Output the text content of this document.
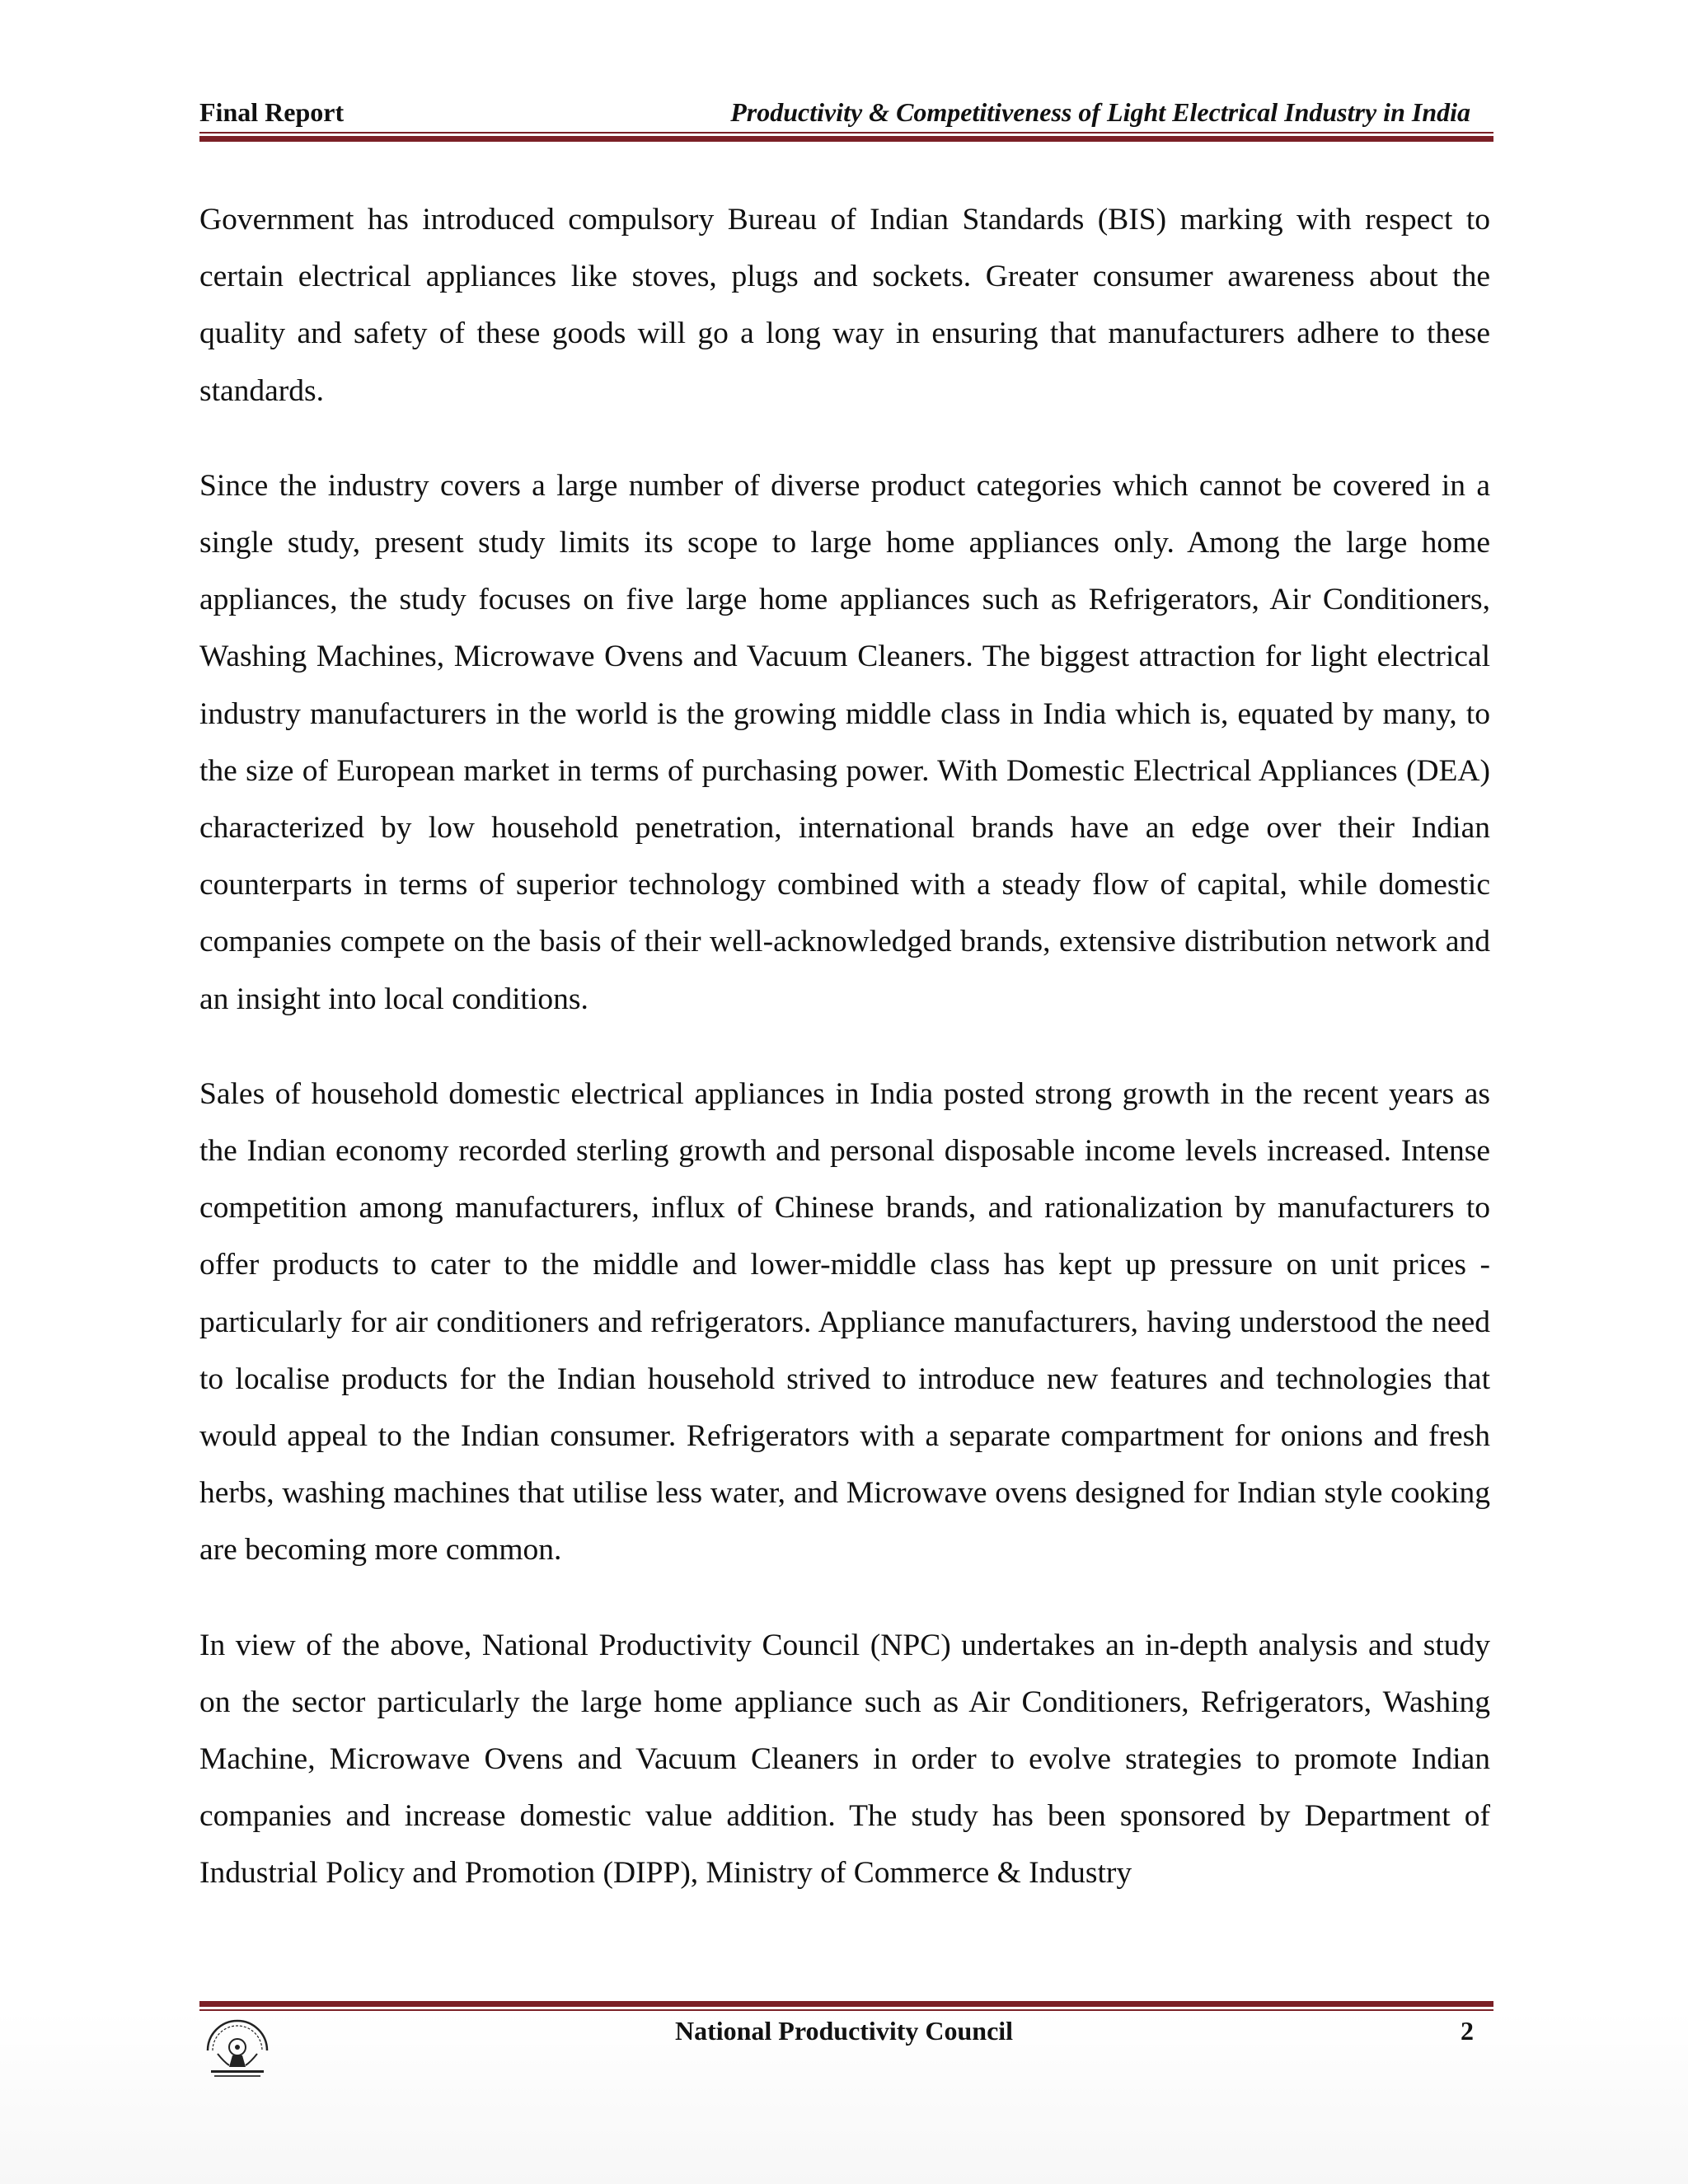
Final Report	Productivity & Competitiveness of Light Electrical Industry in India

Government has introduced compulsory Bureau of Indian Standards (BIS) marking with respect to certain electrical appliances like stoves, plugs and sockets. Greater consumer awareness about the quality and safety of these goods will go a long way in ensuring that manufacturers adhere to these standards.

Since the industry covers a large number of diverse product categories which cannot be covered in a single study, present study limits its scope to large home appliances only. Among the large home appliances, the study focuses on five large home appliances such as Refrigerators, Air Conditioners, Washing Machines, Microwave Ovens and Vacuum Cleaners. The biggest attraction for light electrical industry manufacturers in the world is the growing middle class in India which is, equated by many, to the size of European market in terms of purchasing power. With Domestic Electrical Appliances (DEA) characterized by low household penetration, international brands have an edge over their Indian counterparts in terms of superior technology combined with a steady flow of capital, while domestic companies compete on the basis of their well-acknowledged brands, extensive distribution network and an insight into local conditions.

Sales of household domestic electrical appliances in India posted strong growth in the recent years as the Indian economy recorded sterling growth and personal disposable income levels increased. Intense competition among manufacturers, influx of Chinese brands, and rationalization by manufacturers to offer products to cater to the middle and lower-middle class has kept up pressure on unit prices - particularly for air conditioners and refrigerators. Appliance manufacturers, having understood the need to localise products for the Indian household strived to introduce new features and technologies that would appeal to the Indian consumer. Refrigerators with a separate compartment for onions and fresh herbs, washing machines that utilise less water, and Microwave ovens designed for Indian style cooking are becoming more common.

In view of the above, National Productivity Council (NPC) undertakes an in-depth analysis and study on the sector particularly the large home appliance such as Air Conditioners, Refrigerators, Washing Machine, Microwave Ovens and Vacuum Cleaners in order to evolve strategies to promote Indian companies and increase domestic value addition. The study has been sponsored by Department of Industrial Policy and Promotion (DIPP), Ministry of Commerce & Industry

National Productivity Council	2
